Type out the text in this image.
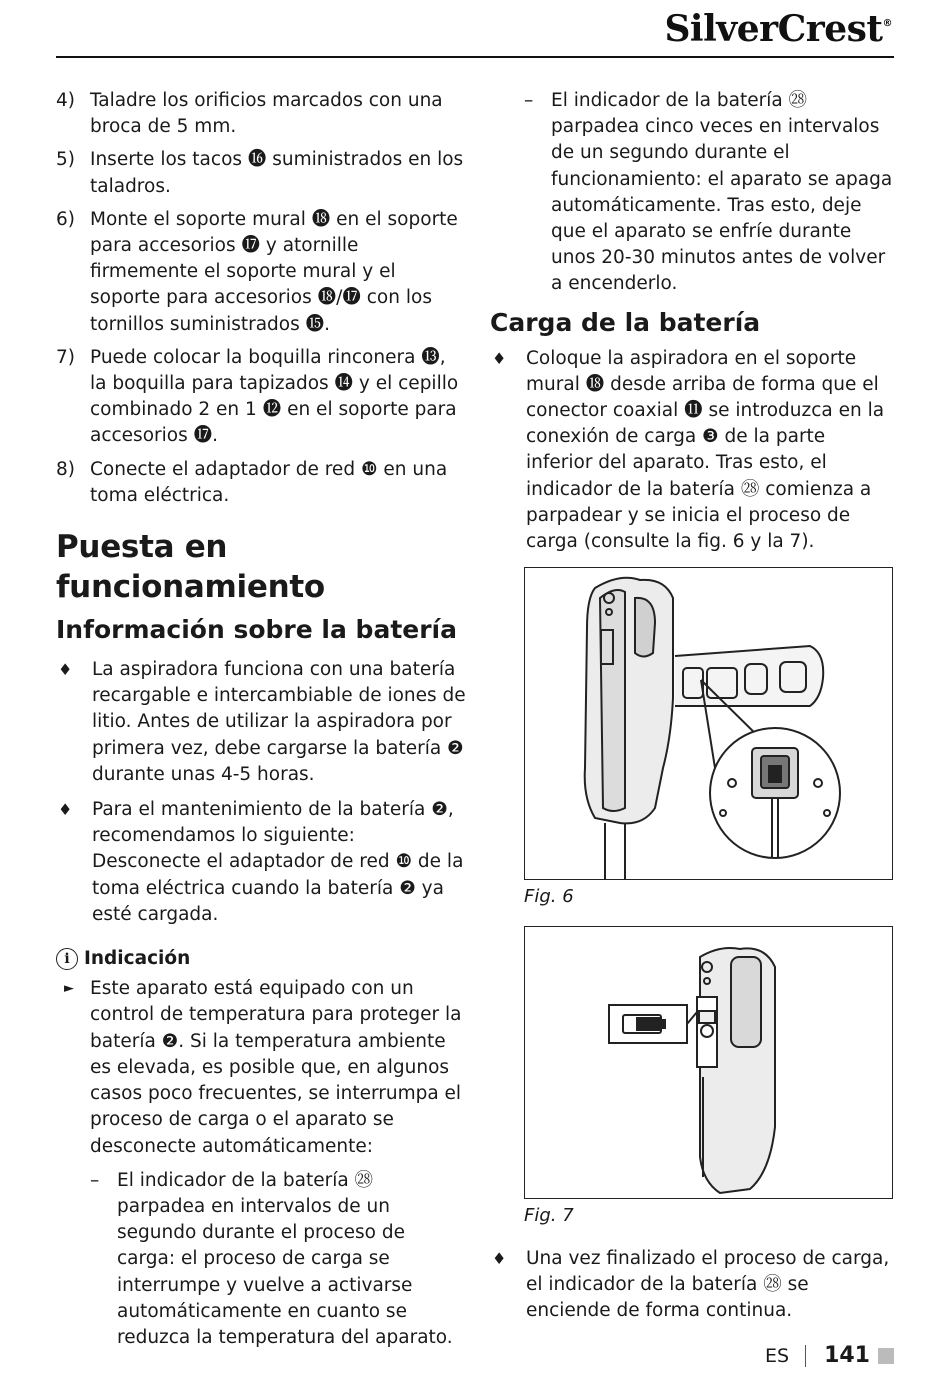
SilverCrest®
4) Taladre los orificios marcados con una broca de 5 mm.
5) Inserte los tacos ⓰ suministrados en los taladros.
6) Monte el soporte mural ⓲ en el soporte para accesorios ⓱ y atornille firmemente el soporte mural y el soporte para accesorios ⓲/⓱ con los tornillos suministrados ⓯.
7) Puede colocar la boquilla rinconera ⓭, la boquilla para tapizados ⓮ y el cepillo combinado 2 en 1 ⓬ en el soporte para accesorios ⓱.
8) Conecte el adaptador de red ❿ en una toma eléctrica.
Puesta en funcionamiento
Información sobre la batería
♦	La aspiradora funciona con una batería recargable e intercambiable de iones de litio. Antes de utilizar la aspiradora por primera vez, debe cargarse la batería ❷ durante unas 4-5 horas.
♦	Para el mantenimiento de la batería ❷, recomendamos lo siguiente:
Desconecte el adaptador de red ❿ de la toma eléctrica cuando la batería ❷ ya esté cargada.
i Indicación
► Este aparato está equipado con un control de temperatura para proteger la batería ❷. Si la temperatura ambiente es elevada, es posible que, en algunos casos poco frecuentes, se interrumpa el proceso de carga o el aparato se desconecte automáticamente:
– El indicador de la batería ㉘ parpadea en intervalos de un segundo durante el proceso de carga: el proceso de carga se interrumpe y vuelve a activarse automáticamente en cuanto se reduzca la temperatura del aparato.
– El indicador de la batería ㉘ parpadea cinco veces en intervalos de un segundo durante el funcionamiento: el aparato se apaga automáticamente. Tras esto, deje que el aparato se enfríe durante unos 20-30 minutos antes de volver a encenderlo.
Carga de la batería
♦	Coloque la aspiradora en el soporte mural ⓲ desde arriba de forma que el conector coaxial ⓫ se introduzca en la conexión de carga ❸ de la parte inferior del aparato. Tras esto, el indicador de la batería ㉘ comienza a parpadear y se inicia el proceso de carga (consulte la fig. 6 y la 7).
Fig. 6
Fig. 7
♦	Una vez finalizado el proceso de carga, el indicador de la batería ㉘ se enciende de forma continua.
ES 141
